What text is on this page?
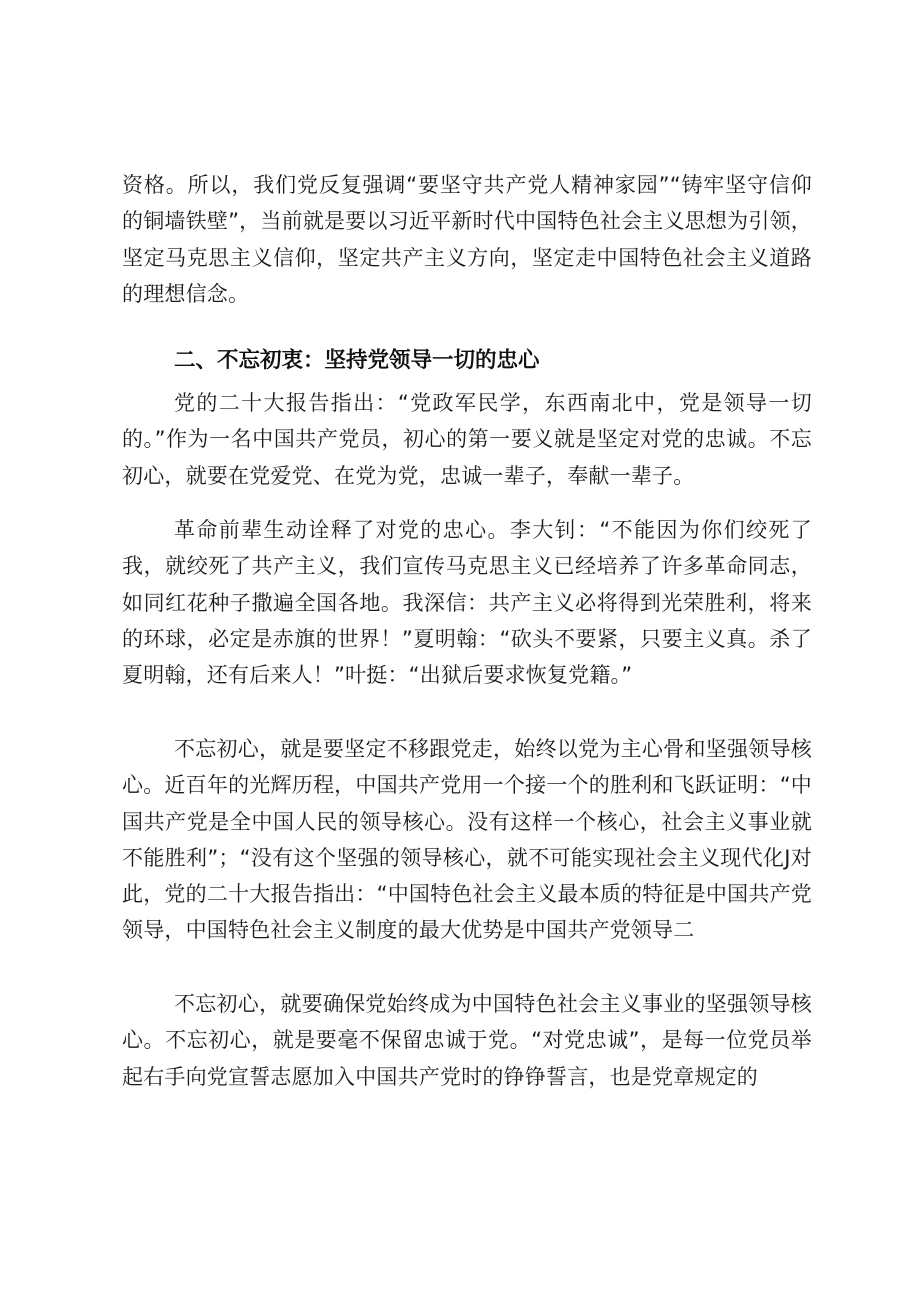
资格。所以，我们党反复强调“要坚守共产党人精神家园”“铸牢坚守信仰的铜墙铁壁”，当前就是要以习近平新时代中国特色社会主义思想为引领，坚定马克思主义信仰，坚定共产主义方向，坚定走中国特色社会主义道路的理想信念。

二、不忘初衷：坚持党领导一切的忠心

党的二十大报告指出：“党政军民学，东西南北中，党是领导一切的。”作为一名中国共产党员，初心的第一要义就是坚定对党的忠诚。不忘初心，就要在党爱党、在党为党，忠诚一辈子，奉献一辈子。

革命前辈生动诠释了对党的忠心。李大钊：“不能因为你们绞死了我，就绞死了共产主义，我们宣传马克思主义已经培养了许多革命同志，如同红花种子撒遍全国各地。我深信：共产主义必将得到光荣胜利，将来的环球，必定是赤旗的世界！”夏明翰：“砍头不要紧，只要主义真。杀了夏明翰，还有后来人！”叶挺：“出狱后要求恢复党籍。”

不忘初心，就是要坚定不移跟党走，始终以党为主心骨和坚强领导核心。近百年的光辉历程，中国共产党用一个接一个的胜利和飞跃证明：“中国共产党是全中国人民的领导核心。没有这样一个核心，社会主义事业就不能胜利”；“没有这个坚强的领导核心，就不可能实现社会主义现代化J对此，党的二十大报告指出：“中国特色社会主义最本质的特征是中国共产党领导，中国特色社会主义制度的最大优势是中国共产党领导二

不忘初心，就要确保党始终成为中国特色社会主义事业的坚强领导核心。不忘初心，就是要毫不保留忠诚于党。“对党忠诚”，是每一位党员举起右手向党宣誓志愿加入中国共产党时的铮铮誓言，也是党章规定的
